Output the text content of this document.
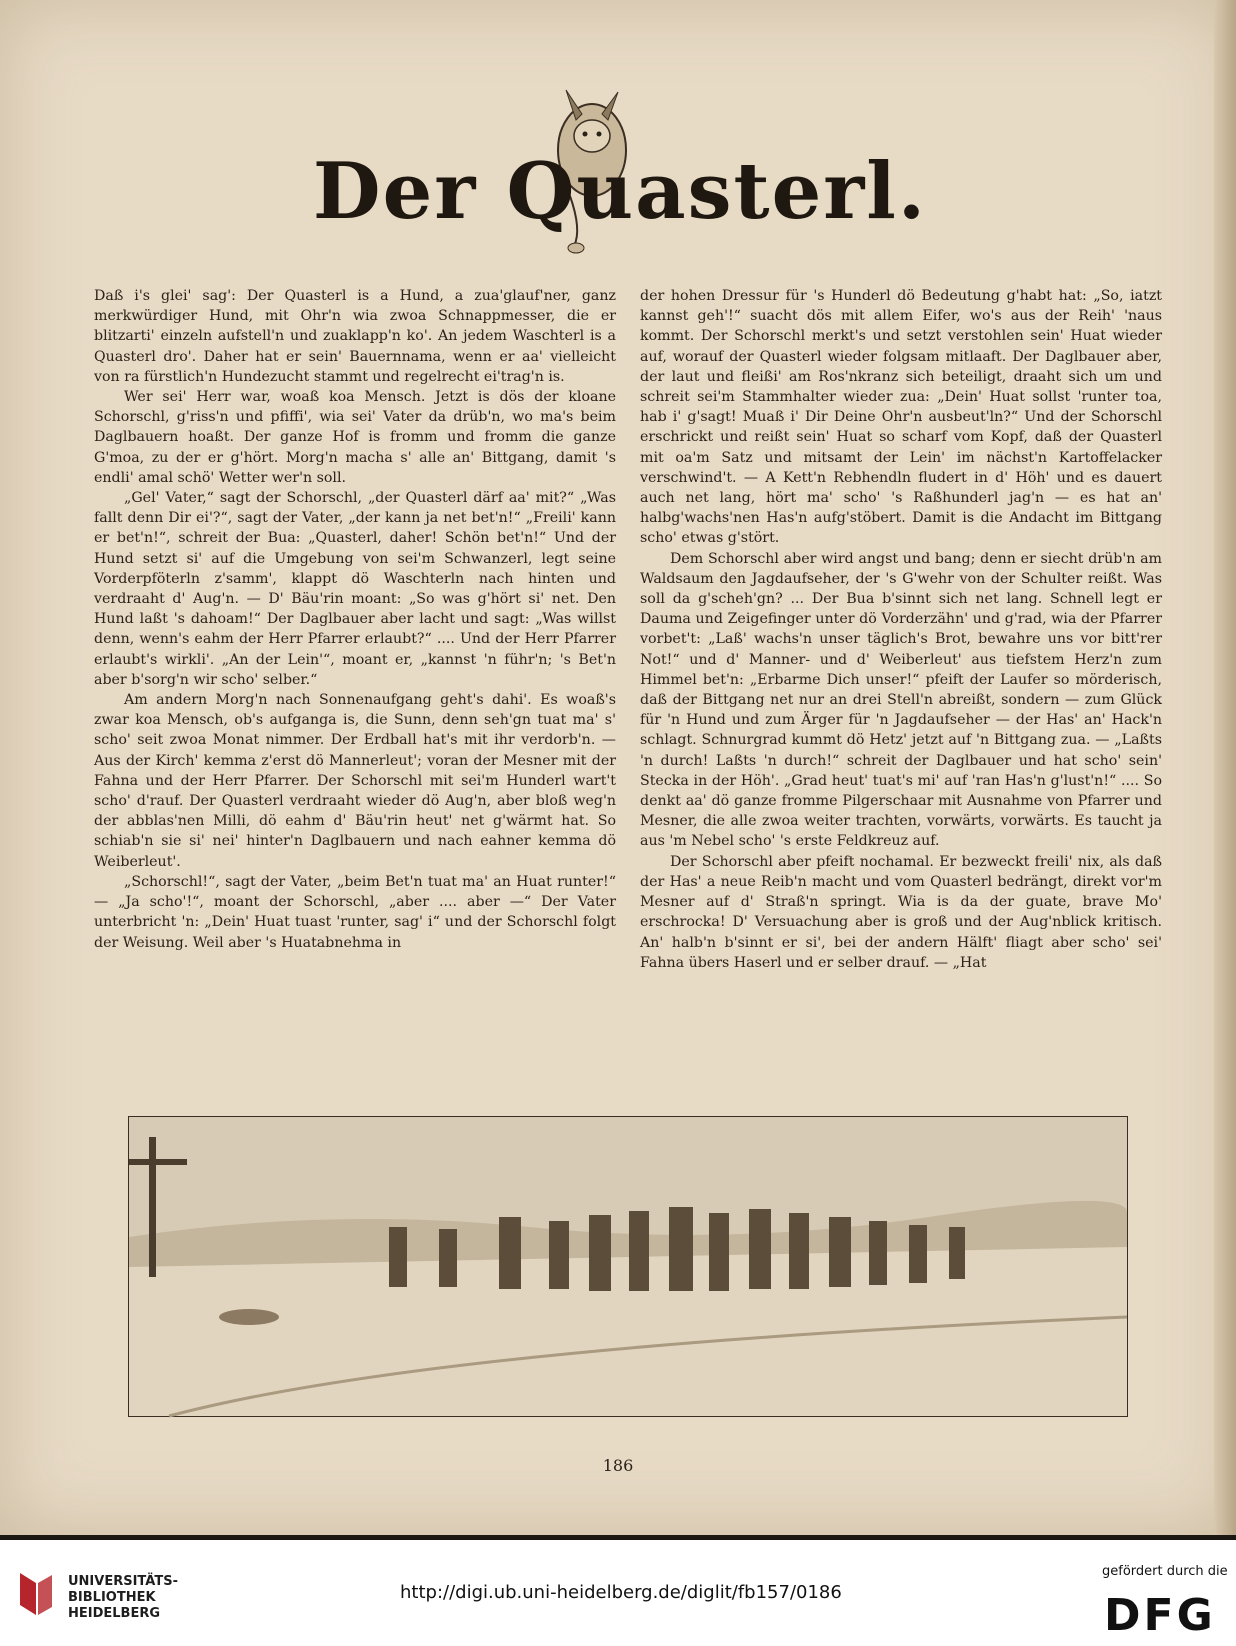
Der Quasterl.

Daß i's glei' sag': Der Quasterl is a Hund, a zua'glauf'ner, ganz merkwürdiger Hund, mit Ohr'n wia zwoa Schnappmesser, die er blitzarti' einzeln aufstell'n und zuaklapp'n ko'. An jedem Waschterl is a Quasterl dro'. Daher hat er sein' Bauernnama, wenn er aa' vielleicht von ra fürstlich'n Hundezucht stammt und regelrecht ei'trag'n is.

Wer sei' Herr war, woaß koa Mensch. Jetzt is dös der kloane Schorschl, g'riss'n und pfiffi', wia sei' Vater da drüb'n, wo ma's beim Daglbauern hoaßt. Der ganze Hof is fromm und fromm die ganze G'moa, zu der er g'hört. Morg'n macha s' alle an' Bittgang, damit 's endli' amal schö' Wetter wer'n soll.

„Gel' Vater,“ sagt der Schorschl, „der Quasterl därf aa' mit?“ „Was fallt denn Dir ei'?“, sagt der Vater, „der kann ja net bet'n!“ „Freili' kann er bet'n!“, schreit der Bua: „Quasterl, daher! Schön bet'n!“ Und der Hund setzt si' auf die Umgebung von sei'm Schwanzerl, legt seine Vorderpföterln z'samm', klappt dö Waschterln nach hinten und verdraaht d' Aug'n. — D' Bäu'rin moant: „So was g'hört si' net. Den Hund laßt 's dahoam!“ Der Daglbauer aber lacht und sagt: „Was willst denn, wenn's eahm der Herr Pfarrer erlaubt?“ .... Und der Herr Pfarrer erlaubt's wirkli'. „An der Lein'“, moant er, „kannst 'n führ'n; 's Bet'n aber b'sorg'n wir scho' selber.“

Am andern Morg'n nach Sonnenaufgang geht's dahi'. Es woaß's zwar koa Mensch, ob's aufganga is, die Sunn, denn seh'gn tuat ma' s' scho' seit zwoa Monat nimmer. Der Erdball hat's mit ihr verdorb'n. — Aus der Kirch' kemma z'erst dö Mannerleut'; voran der Mesner mit der Fahna und der Herr Pfarrer. Der Schorschl mit sei'm Hunderl wart't scho' d'rauf. Der Quasterl verdraaht wieder dö Aug'n, aber bloß weg'n der abblas'nen Milli, dö eahm d' Bäu'rin heut' net g'wärmt hat. So schiab'n sie si' nei' hinter'n Daglbauern und nach eahner kemma dö Weiberleut'.

„Schorschl!“, sagt der Vater, „beim Bet'n tuat ma' an Huat runter!“ — „Ja scho'!“, moant der Schorschl, „aber .... aber —“ Der Vater unterbricht 'n: „Dein' Huat tuast 'runter, sag' i“ und der Schorschl folgt der Weisung. Weil aber 's Huatabnehma in

der hohen Dressur für 's Hunderl dö Bedeutung g'habt hat: „So, iatzt kannst geh'!“ suacht dös mit allem Eifer, wo's aus der Reih' 'naus kommt. Der Schorschl merkt's und setzt verstohlen sein' Huat wieder auf, worauf der Quasterl wieder folgsam mitlaaft. Der Daglbauer aber, der laut und fleißi' am Ros'nkranz sich beteiligt, draaht sich um und schreit sei'm Stammhalter wieder zua: „Dein' Huat sollst 'runter toa, hab i' g'sagt! Muaß i' Dir Deine Ohr'n ausbeut'ln?“ Und der Schorschl erschrickt und reißt sein' Huat so scharf vom Kopf, daß der Quasterl mit oa'm Satz und mitsamt der Lein' im nächst'n Kartoffelacker verschwind't. — A Kett'n Rebhendln fludert in d' Höh' und es dauert auch net lang, hört ma' scho' 's Raßhunderl jag'n — es hat an' halbg'wachs'nen Has'n aufg'stöbert. Damit is die Andacht im Bittgang scho' etwas g'stört.

Dem Schorschl aber wird angst und bang; denn er siecht drüb'n am Waldsaum den Jagdaufseher, der 's G'wehr von der Schulter reißt. Was soll da g'scheh'gn? ... Der Bua b'sinnt sich net lang. Schnell legt er Dauma und Zeigefinger unter dö Vorderzähn' und g'rad, wia der Pfarrer vorbet't: „Laß' wachs'n unser täglich's Brot, bewahre uns vor bitt'rer Not!“ und d' Manner- und d' Weiberleut' aus tiefstem Herz'n zum Himmel bet'n: „Erbarme Dich unser!“ pfeift der Laufer so mörderisch, daß der Bittgang net nur an drei Stell'n abreißt, sondern — zum Glück für 'n Hund und zum Ärger für 'n Jagdaufseher — der Has' an' Hack'n schlagt. Schnurgrad kummt dö Hetz' jetzt auf 'n Bittgang zua. — „Laßts 'n durch! Laßts 'n durch!“ schreit der Daglbauer und hat scho' sein' Stecka in der Höh'. „Grad heut' tuat's mi' auf 'ran Has'n g'lust'n!“ .... So denkt aa' dö ganze fromme Pilgerschaar mit Ausnahme von Pfarrer und Mesner, die alle zwoa weiter trachten, vorwärts, vorwärts. Es taucht ja aus 'm Nebel scho' 's erste Feldkreuz auf.

Der Schorschl aber pfeift nochamal. Er bezweckt freili' nix, als daß der Has' a neue Reib'n macht und vom Quasterl bedrängt, direkt vor'm Mesner auf d' Straß'n springt. Wia is da der guate, brave Mo' erschrocka! D' Versuachung aber is groß und der Aug'nblick kritisch. An' halb'n b'sinnt er si', bei der andern Hälft' fliagt aber scho' sei' Fahna übers Haserl und er selber drauf. — „Hat

186
UNIVERSITÄTS-
BIBLIOTHEK
HEIDELBERG
http://digi.ub.uni-heidelberg.de/diglit/fb157/0186
gefördert durch die
DFG
